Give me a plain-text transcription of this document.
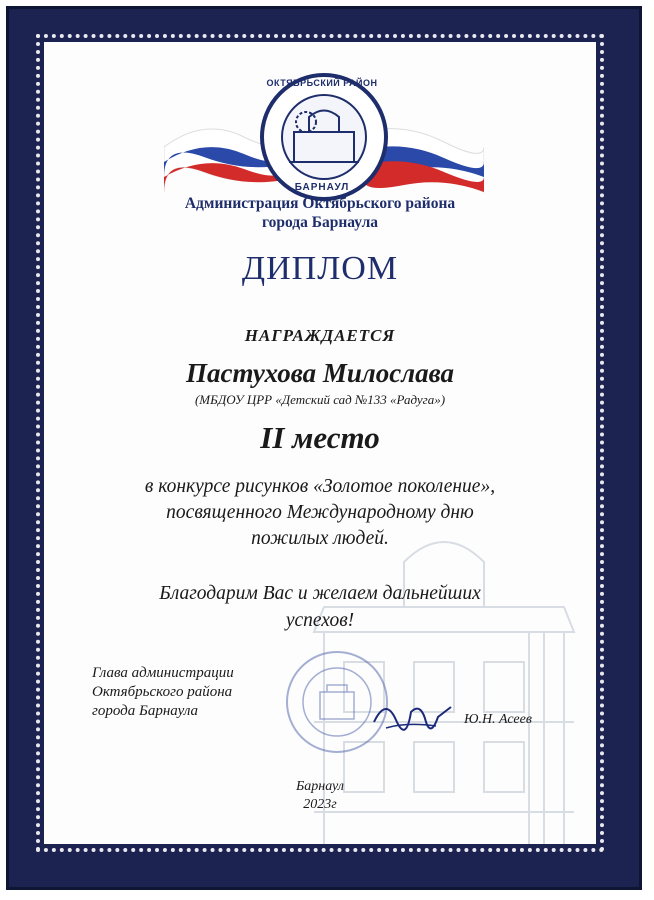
ОКТЯБРЬСКИЙ РАЙОН
БАРНАУЛ
Администрация Октябрьского района
города Барнаула
ДИПЛОМ
НАГРАЖДАЕТСЯ
Пастухова Милослава
(МБДОУ ЦРР «Детский сад №133 «Радуга»)
II место
в конкурсе рисунков «Золотое поколение»,
посвященного Международному дню
пожилых людей.
Благодарим Вас и желаем дальнейших
успехов!
Глава администрации
Октябрьского района
города Барнаула
Ю.Н. Асеев
Барнаул
2023г
